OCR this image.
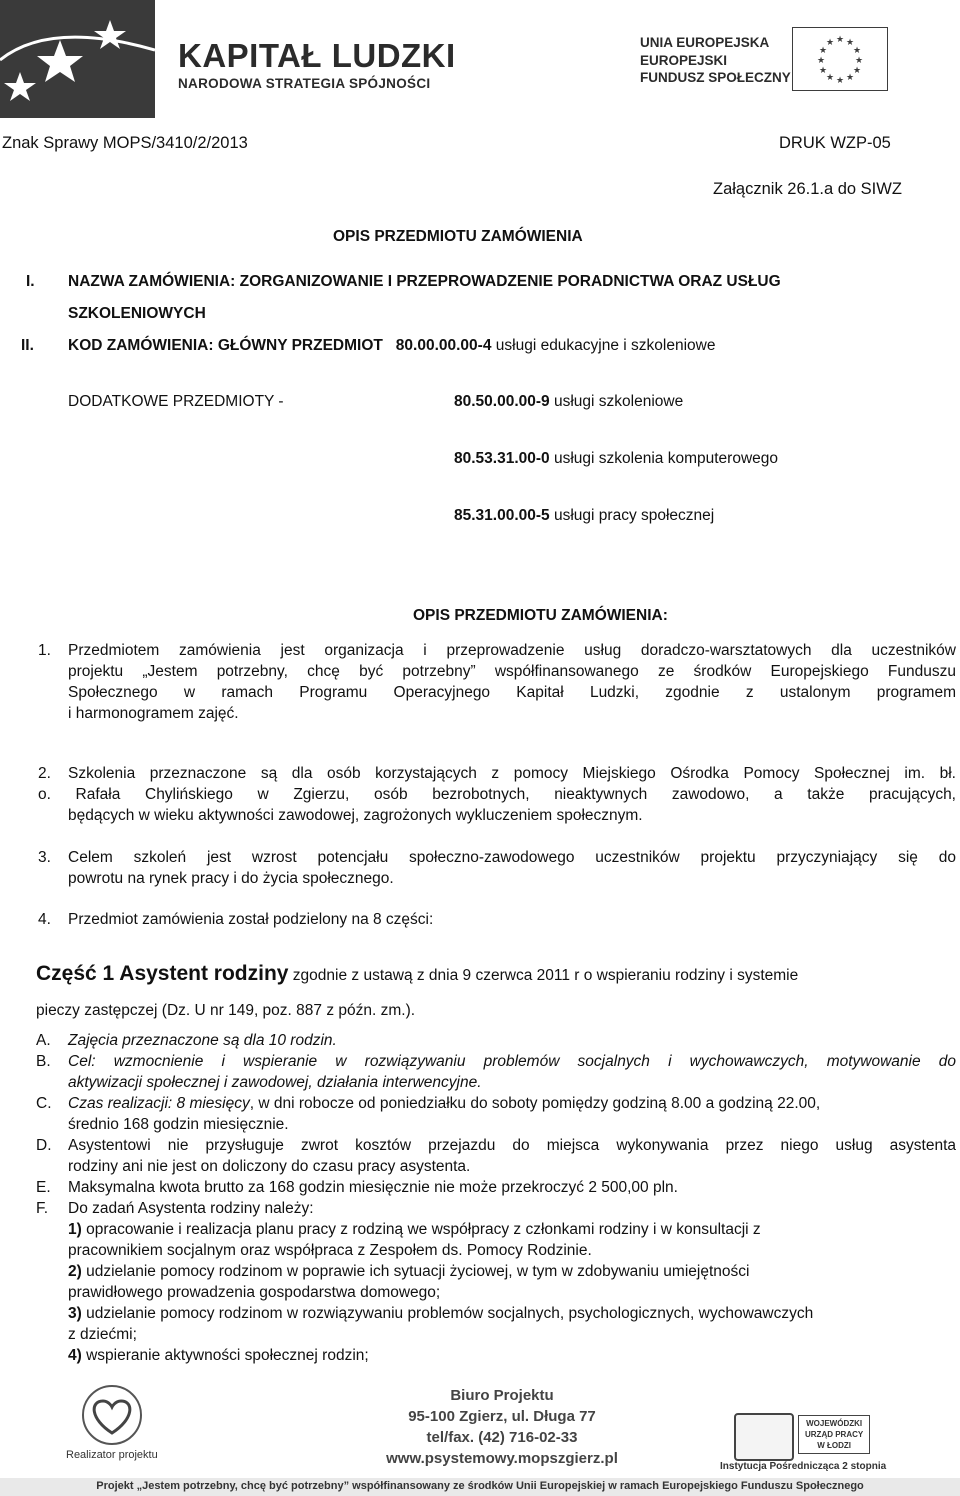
KAPITAŁ LUDZKI
NARODOWA STRATEGIA SPÓJNOŚCI
UNIA EUROPEJSKA
EUROPEJSKI
FUNDUSZ SPOŁECZNY
★ ★
★
★
★
★
★
★
★
★
★
★
Znak Sprawy MOPS/3410/2/2013	DRUK WZP-05
Załącznik 26.1.a do SIWZ
OPIS PRZEDMIOTU ZAMÓWIENIA
I. NAZWA ZAMÓWIENIA: ZORGANIZOWANIE I PRZEPROWADZENIE PORADNICTWA ORAZ USŁUG
SZKOLENIOWYCH
II. KOD ZAMÓWIENIA: GŁÓWNY PRZEDMIOT 80.00.00.00-4 usługi edukacyjne i szkoleniowe
DODATKOWE PRZEDMIOTY -	80.50.00.00-9 usługi szkoleniowe
80.53.31.00-0 usługi szkolenia komputerowego
85.31.00.00-5 usługi pracy społecznej
OPIS PRZEDMIOTU ZAMÓWIENIA:
1. Przedmiotem zamówienia jest organizacja i przeprowadzenie usług doradczo-warsztatowych dla uczestników
projektu „Jestem potrzebny, chcę być potrzebny” współfinansowanego ze środków Europejskiego Funduszu
Społecznego w ramach Programu Operacyjnego Kapitał Ludzki, zgodnie z ustalonym programem
i harmonogramem zajęć.
2. Szkolenia przeznaczone są dla osób korzystających z pomocy Miejskiego Ośrodka Pomocy Społecznej im. bł.
o. Rafała Chylińskiego w Zgierzu, osób bezrobotnych, nieaktywnych zawodowo, a także pracujących,
będących w wieku aktywności zawodowej, zagrożonych wykluczeniem społecznym.
3. Celem szkoleń jest wzrost potencjału społeczno-zawodowego uczestników projektu przyczyniający się do
powrotu na rynek pracy i do życia społecznego.
4. Przedmiot zamówienia został podzielony na 8 części:
Część 1 Asystent rodziny zgodnie z ustawą z dnia 9 czerwca 2011 r o wspieraniu rodziny i systemie
pieczy zastępczej (Dz. U nr 149, poz. 887 z późn. zm.).
A. Zajęcia przeznaczone są dla 10 rodzin.
B. Cel: wzmocnienie i wspieranie w rozwiązywaniu problemów socjalnych i wychowawczych, motywowanie do
aktywizacji społecznej i zawodowej, działania interwencyjne.
C. Czas realizacji: 8 miesięcy, w dni robocze od poniedziałku do soboty pomiędzy godziną 8.00 a godziną 22.00,
średnio 168 godzin miesięcznie.
D. Asystentowi nie przysługuje zwrot kosztów przejazdu do miejsca wykonywania przez niego usług asystenta
rodziny ani nie jest on doliczony do czasu pracy asystenta.
E. Maksymalna kwota brutto za 168 godzin miesięcznie nie może przekroczyć 2 500,00 pln.
F. Do zadań Asystenta rodziny należy:
1) opracowanie i realizacja planu pracy z rodziną we współpracy z członkami rodziny i w konsultacji z
pracownikiem socjalnym oraz współpraca z Zespołem ds. Pomocy Rodzinie.
2) udzielanie pomocy rodzinom w poprawie ich sytuacji życiowej, w tym w zdobywaniu umiejętności
prawidłowego prowadzenia gospodarstwa domowego;
3) udzielanie pomocy rodzinom w rozwiązywaniu problemów socjalnych, psychologicznych, wychowawczych
z dziećmi;
4) wspieranie aktywności społecznej rodzin;
Realizator projektu
Biuro Projektu
95-100 Zgierz, ul. Długa 77
tel/fax. (42) 716-02-33
www.psystemowy.mopszgierz.pl
WOJEWÓDZKI
URZĄD PRACY
W ŁODZI
Instytucja Pośrednicząca 2 stopnia
Projekt „Jestem potrzebny, chcę być potrzebny” współfinansowany ze środków Unii Europejskiej w ramach Europejskiego Funduszu Społecznego
